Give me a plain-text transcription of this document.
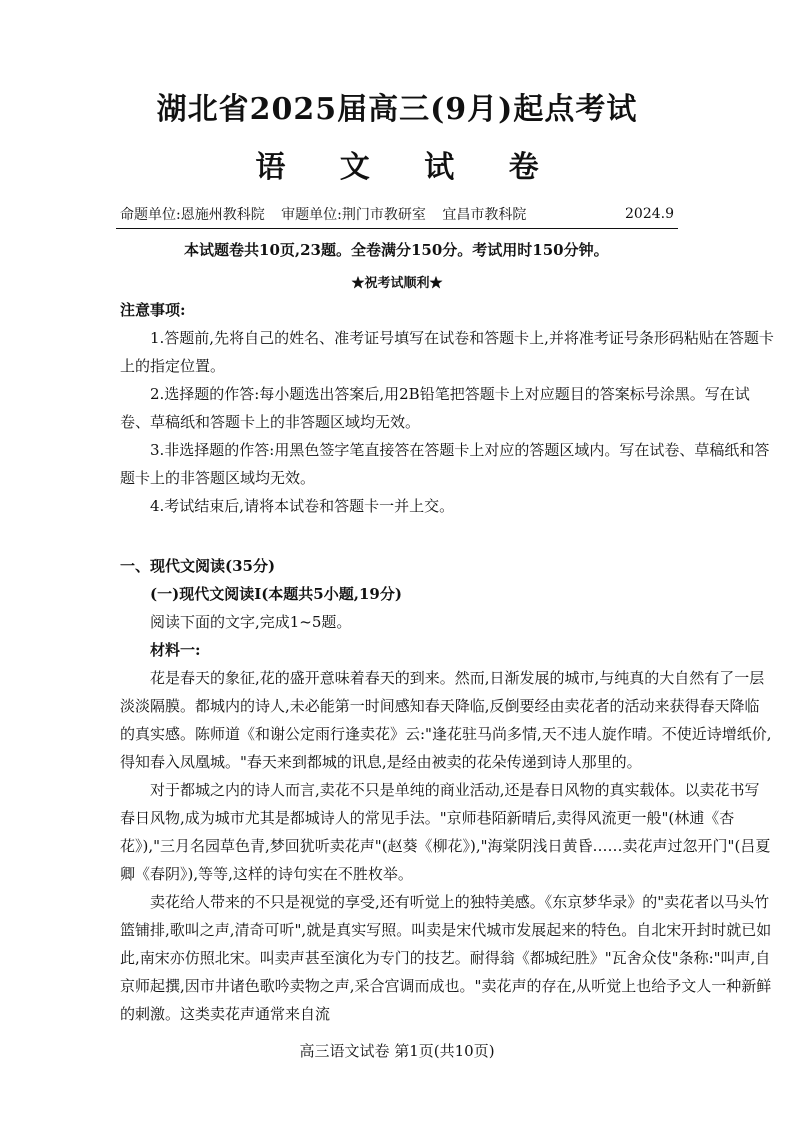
湖北省2025届高三(9月)起点考试
语 文 试 卷
命题单位:恩施州教科院 审题单位:荆门市教研室 宜昌市教科院	2024.9
本试题卷共10页,23题。全卷满分150分。考试用时150分钟。
★祝考试顺利★

注意事项:

1.答题前,先将自己的姓名、准考证号填写在试卷和答题卡上,并将准考证号条形码粘贴在答题卡上的指定位置。

2.选择题的作答:每小题选出答案后,用2B铅笔把答题卡上对应题目的答案标号涂黑。写在试卷、草稿纸和答题卡上的非答题区域均无效。

3.非选择题的作答:用黑色签字笔直接答在答题卡上对应的答题区域内。写在试卷、草稿纸和答题卡上的非答题区域均无效。

4.考试结束后,请将本试卷和答题卡一并上交。

一、现代文阅读(35分)

(一)现代文阅读Ⅰ(本题共5小题,19分)

阅读下面的文字,完成1~5题。

材料一:

花是春天的象征,花的盛开意味着春天的到来。然而,日渐发展的城市,与纯真的大自然有了一层淡淡隔膜。都城内的诗人,未必能第一时间感知春天降临,反倒要经由卖花者的活动来获得春天降临的真实感。陈师道《和谢公定雨行逢卖花》云:"逢花驻马尚多情,天不违人旋作晴。不使近诗增纸价,得知春入凤凰城。"春天来到都城的讯息,是经由被卖的花朵传递到诗人那里的。

对于都城之内的诗人而言,卖花不只是单纯的商业活动,还是春日风物的真实载体。以卖花书写春日风物,成为城市尤其是都城诗人的常见手法。"京师巷陌新晴后,卖得风流更一般"(林逋《杏花》),"三月名园草色青,梦回犹听卖花声"(赵葵《柳花》),"海棠阴浅日黄昏……卖花声过忽开门"(吕夏卿《春阴》),等等,这样的诗句实在不胜枚举。

卖花给人带来的不只是视觉的享受,还有听觉上的独特美感。《东京梦华录》的"卖花者以马头竹篮铺排,歌叫之声,清奇可听",就是真实写照。叫卖是宋代城市发展起来的特色。自北宋开封时就已如此,南宋亦仿照北宋。叫卖声甚至演化为专门的技艺。耐得翁《都城纪胜》"瓦舍众伎"条称:"叫声,自京师起撰,因市井诸色歌吟卖物之声,采合宫调而成也。"卖花声的存在,从听觉上也给予文人一种新鲜的刺激。这类卖花声通常来自流

高三语文试卷 第1页(共10页)
